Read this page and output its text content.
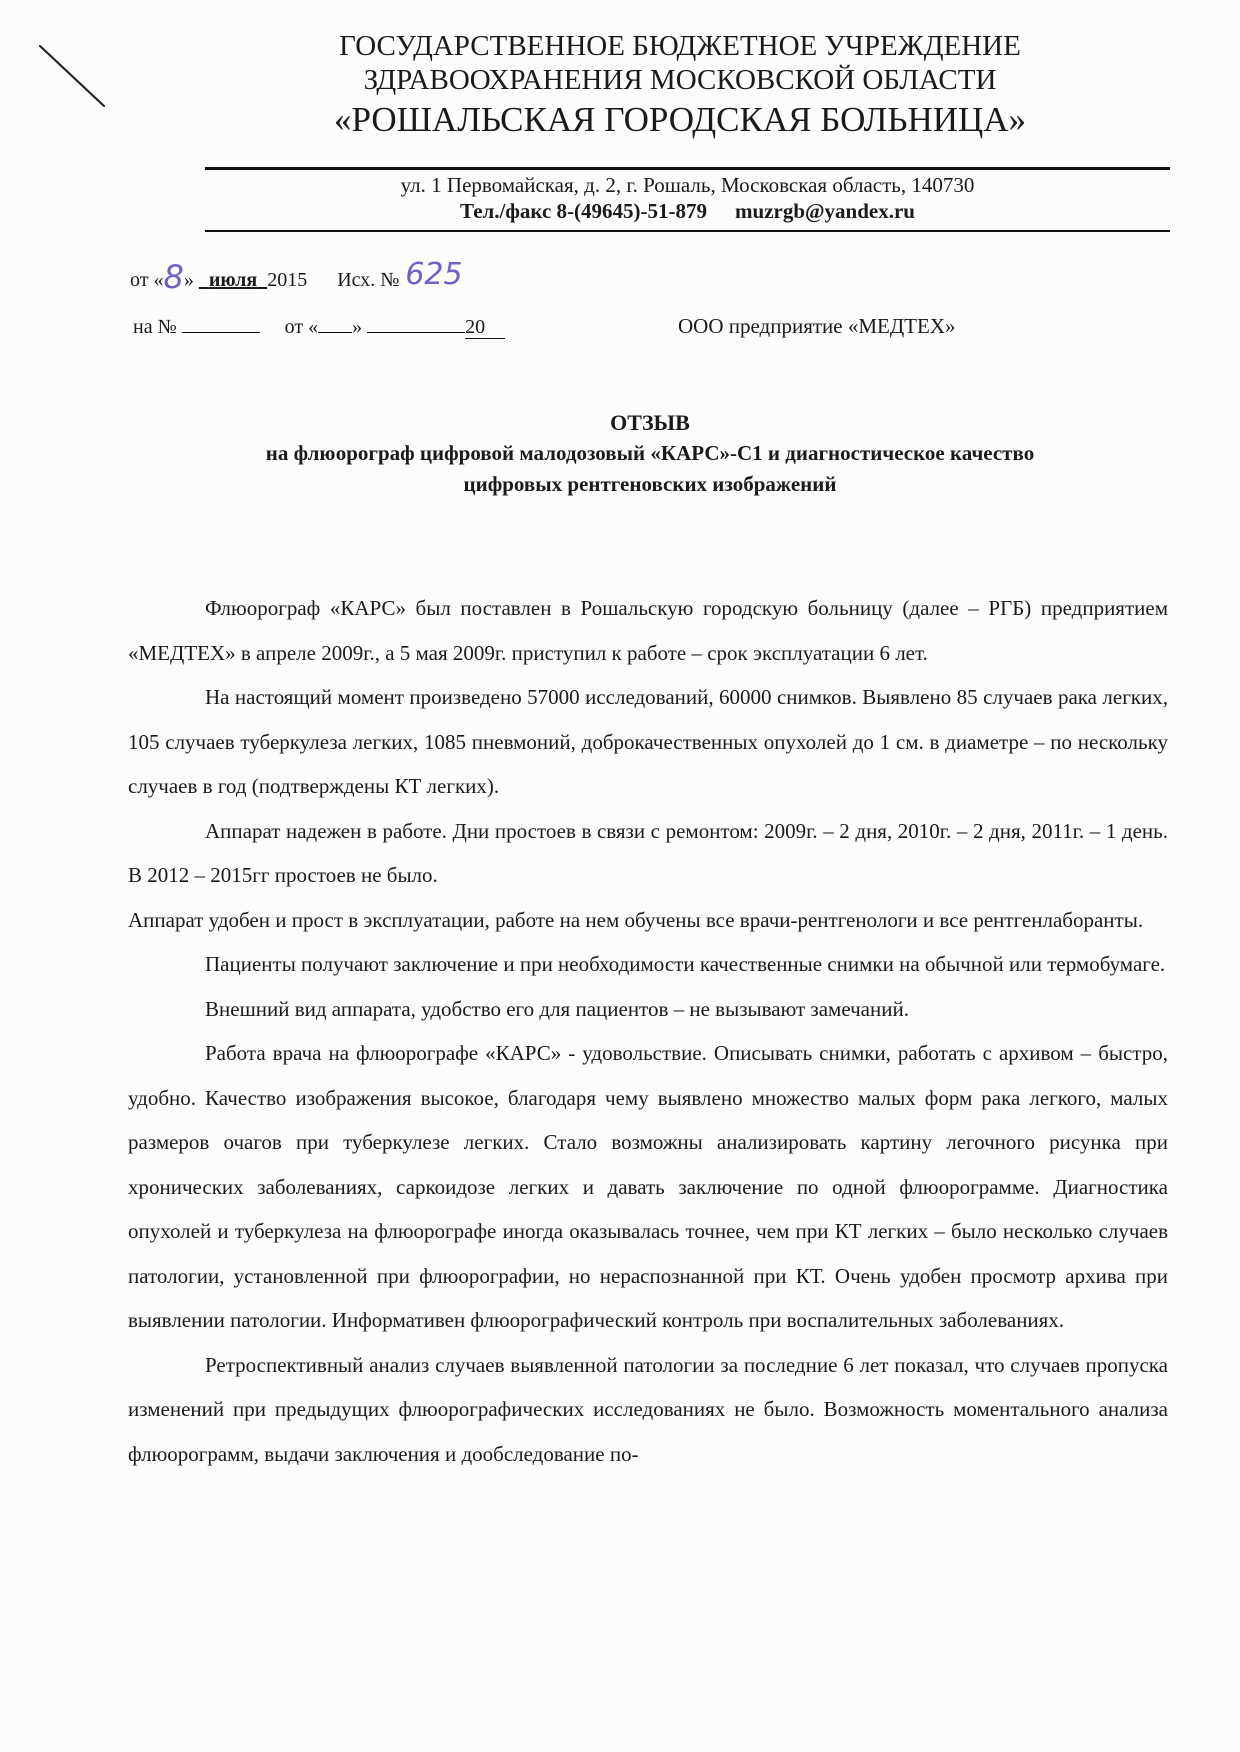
ГОСУДАРСТВЕННОЕ БЮДЖЕТНОЕ УЧРЕЖДЕНИЕ
ЗДРАВООХРАНЕНИЯ МОСКОВСКОЙ ОБЛАСТИ
«РОШАЛЬСКАЯ ГОРОДСКАЯ БОЛЬНИЦА»
ул. 1 Первомайская, д. 2, г. Рошаль, Московская область, 140730
Тел./факс 8-(49645)-51-879 muzrgb@yandex.ru
от «8» июля 2015 Исх. № 625
на №	от « »	20	ООО предприятие «МЕДТЕХ»
ОТЗЫВ
на флюорограф цифровой малодозовый «КАРС»-С1 и диагностическое качество
цифровых рентгеновских изображений

Флюорограф «КАРС» был поставлен в Рошальскую городскую больницу (далее – РГБ) предприятием «МЕДТЕХ» в апреле 2009г., а 5 мая 2009г. приступил к работе – срок эксплуатации 6 лет.

На настоящий момент произведено 57000 исследований, 60000 снимков. Выявлено 85 случаев рака легких, 105 случаев туберкулеза легких, 1085 пневмоний, доброкачественных опухолей до 1 см. в диаметре – по нескольку случаев в год (подтверждены КТ легких).

Аппарат надежен в работе. Дни простоев в связи с ремонтом: 2009г. – 2 дня, 2010г. – 2 дня, 2011г. – 1 день. В 2012 – 2015гг простоев не было.

Аппарат удобен и прост в эксплуатации, работе на нем обучены все врачи-рентгенологи и все рентгенлаборанты.

Пациенты получают заключение и при необходимости качественные снимки на обычной или термобумаге.

Внешний вид аппарата, удобство его для пациентов – не вызывают замечаний.

Работа врача на флюорографе «КАРС» - удовольствие. Описывать снимки, работать с архивом – быстро, удобно. Качество изображения высокое, благодаря чему выявлено множество малых форм рака легкого, малых размеров очагов при туберкулезе легких. Стало возможны анализировать картину легочного рисунка при хронических заболеваниях, саркоидозе легких и давать заключение по одной флюорограмме. Диагностика опухолей и туберкулеза на флюорографе иногда оказывалась точнее, чем при КТ легких – было несколько случаев патологии, установленной при флюорографии, но нераспознанной при КТ. Очень удобен просмотр архива при выявлении патологии. Информативен флюорографический контроль при воспалительных заболеваниях.

Ретроспективный анализ случаев выявленной патологии за последние 6 лет показал, что случаев пропуска изменений при предыдущих флюорографических исследованиях не было. Возможность моментального анализа флюорограмм, выдачи заключения и дообследование по-
